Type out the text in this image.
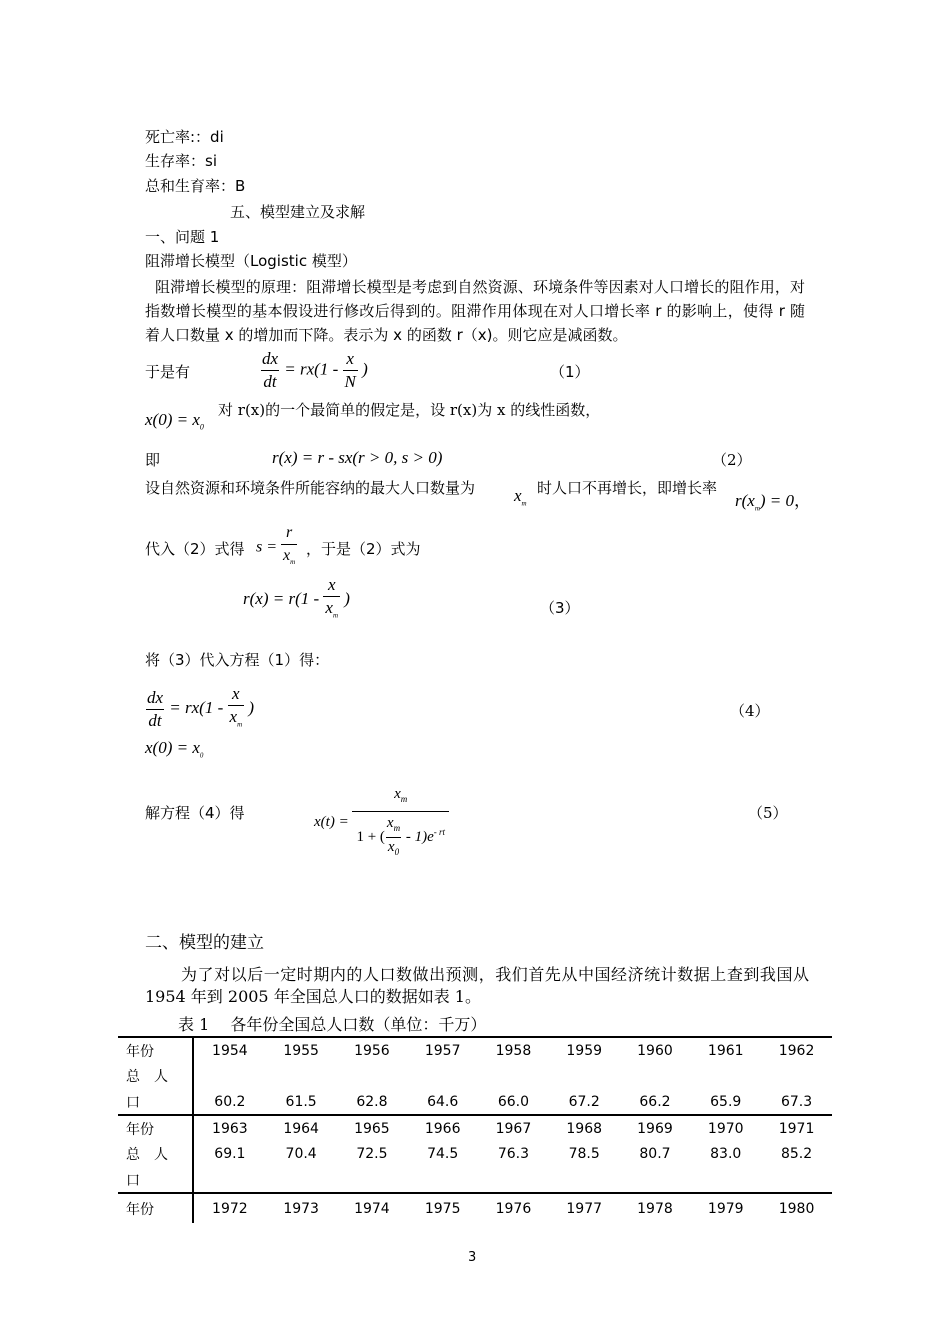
死亡率:：di
生存率：si
总和生育率：B
五、模型建立及求解
一、问题 1
阻滞增长模型（Logistic 模型）
阻滞增长模型的原理：阻滞增长模型是考虑到自然资源、环境条件等因素对人口增长的阻作用，对指数增长模型的基本假设进行修改后得到的。阻滞作用体现在对人口增长率 r 的影响上，使得 r 随着人口数量 x 的增加而下降。表示为 x 的函数 r（x)。则它应是减函数。
于是有	$\frac{dx}{dt} = rx(1 - \frac{x}{N}$ )	（1）
$x(0) = x_0$
对 r(x)的一个最简单的假定是，设 r(x)为 x 的线性函数，
即	r(x) = r - sx(r > 0, s > 0)	（2）
设自然资源和环境条件所能容纳的最大人口数量为 $x_m$
时人口不再增长，即增长率
$r(x_m) = 0$，
代入（2）式得 $s = \frac{r}{x_m}$ ，于是（2）式为
$r(x) = r(1 - \frac{x}{x_m}$ )	（3）
将（3）代入方程（1）得：
$\frac{dx}{dt} = rx(1 - \frac{x}{x_m}$ )	（4）
$x(0) = x_0$
解方程（4）得	$x(t) = \frac{x_m}{1 + ( \frac{x_m}{x_0} - 1)e^{- rt}}$	（5）
二、模型的建立
为了对以后一定时期内的人口数做出预测，我们首先从中国经济统计数据上查到我国从 1954 年到 2005 年全国总人口的数据如表 1。
表 1　 各年份全国总人口数（单位：千万）
年份	1954	1955	1956	1957	1958	1959	1960	1961	1962
总　人									
口	60.2	61.5	62.8	64.6	66.0	67.2	66.2	65.9	67.3
年份	1963	1964	1965	1966	1967	1968	1969	1970	1971
总　人	69.1	70.4	72.5	74.5	76.3	78.5	80.7	83.0	85.2
口									
年份	1972	1973	1974	1975	1976	1977	1978	1979	1980
3
